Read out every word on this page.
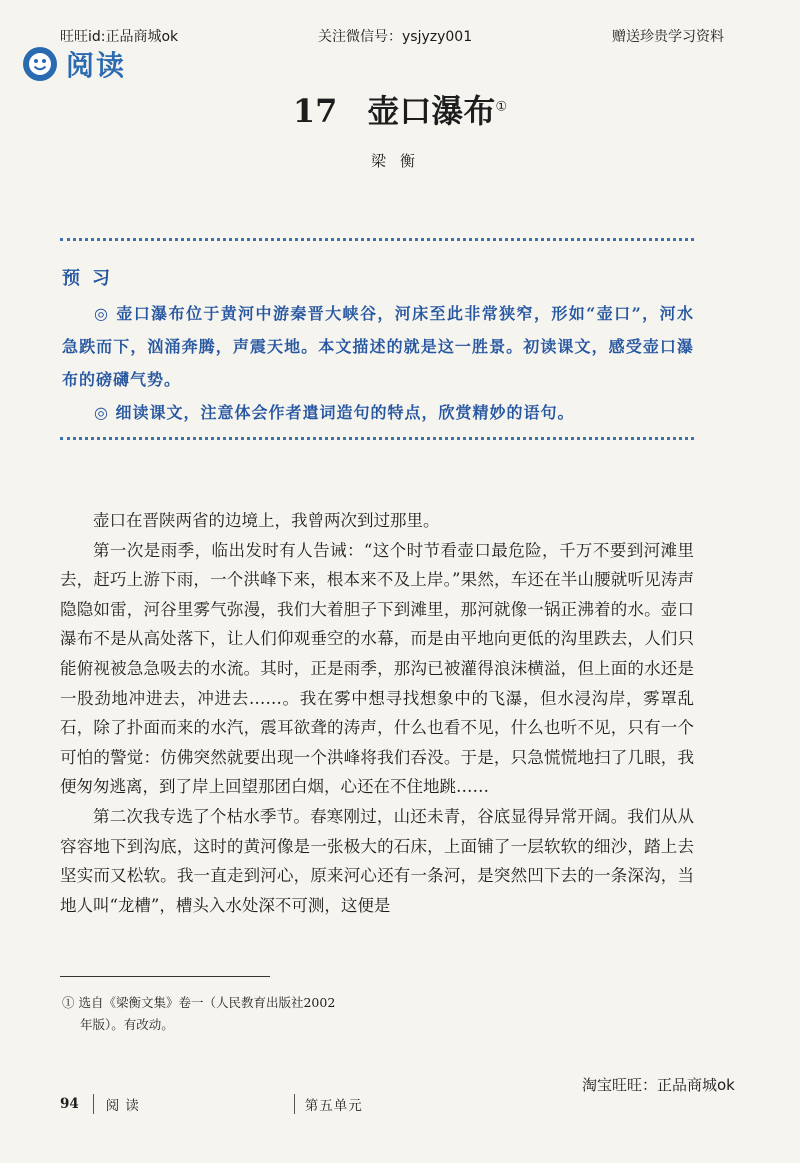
旺旺id:正品商城ok	关注微信号：ysjyzy001	赠送珍贵学习资料
阅读
17 壶口瀑布①
梁衡
预习
◎ 壶口瀑布位于黄河中游秦晋大峡谷，河床至此非常狭窄，形如“壶口”，河水急跌而下，汹涌奔腾，声震天地。本文描述的就是这一胜景。初读课文，感受壶口瀑布的磅礴气势。
◎ 细读课文，注意体会作者遣词造句的特点，欣赏精妙的语句。

壶口在晋陕两省的边境上，我曾两次到过那里。

第一次是雨季，临出发时有人告诫：“这个时节看壶口最危险，千万不要到河滩里去，赶巧上游下雨，一个洪峰下来，根本来不及上岸。”果然，车还在半山腰就听见涛声隐隐如雷，河谷里雾气弥漫，我们大着胆子下到滩里，那河就像一锅正沸着的水。壶口瀑布不是从高处落下，让人们仰观垂空的水幕，而是由平地向更低的沟里跌去，人们只能俯视被急急吸去的水流。其时，正是雨季，那沟已被灌得浪沫横溢，但上面的水还是一股劲地冲进去，冲进去……。我在雾中想寻找想象中的飞瀑，但水浸沟岸，雾罩乱石，除了扑面而来的水汽，震耳欲聋的涛声，什么也看不见，什么也听不见，只有一个可怕的警觉：仿佛突然就要出现一个洪峰将我们吞没。于是，只急慌慌地扫了几眼，我便匆匆逃离，到了岸上回望那团白烟，心还在不住地跳……

第二次我专选了个枯水季节。春寒刚过，山还未青，谷底显得异常开阔。我们从从容容地下到沟底，这时的黄河像是一张极大的石床，上面铺了一层软软的细沙，踏上去坚实而又松软。我一直走到河心，原来河心还有一条河，是突然凹下去的一条深沟，当地人叫“龙槽”，槽头入水处深不可测，这便是

① 选自《梁衡文集》卷一（人民教育出版社2002
年版）。有改动。
淘宝旺旺：正品商城ok
94 阅读	第五单元
